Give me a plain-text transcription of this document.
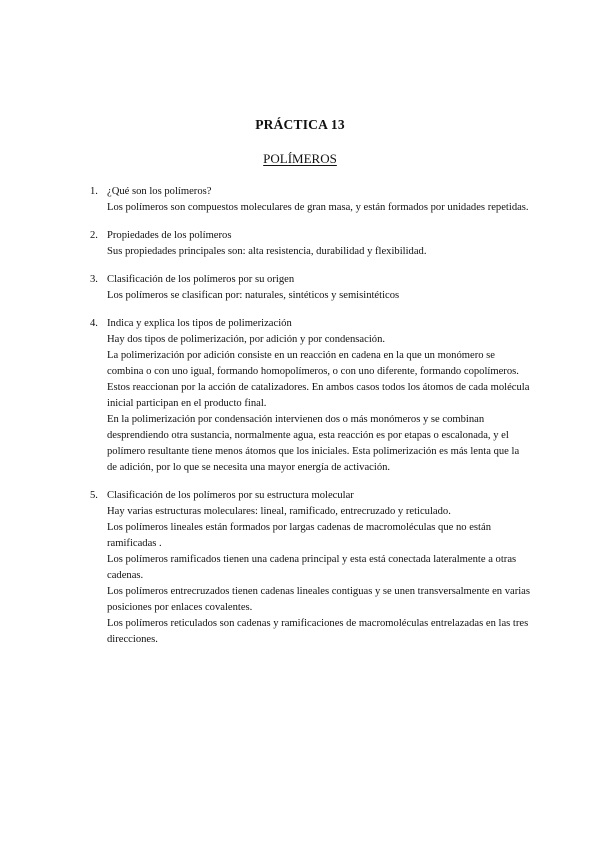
PRÁCTICA 13
POLÍMEROS
1. ¿Qué son los polímeros?

Los polímeros son compuestos moleculares de gran masa, y están formados por unidades repetidas.

2. Propiedades de los polímeros

Sus propiedades principales son: alta resistencia, durabilidad y flexibilidad.

3. Clasificación de los polímeros por su origen

Los polímeros se clasifican por: naturales, sintéticos y semisintéticos

4. Indica y explica los tipos de polimerización

Hay dos tipos de polimerización, por adición y por condensación.

La polimerización por adición consiste en un reacción en cadena en la que un monómero se combina o con uno igual, formando homopolímeros, o con uno diferente, formando copolímeros. Estos reaccionan por la acción de catalizadores. En ambos casos todos los átomos de cada molécula inicial participan en el producto final.

En la polimerización por condensación intervienen dos o más monómeros y se combinan desprendiendo otra sustancia, normalmente agua, esta reacción es por etapas o escalonada, y el polímero resultante tiene menos átomos que los iniciales. Esta polimerización es más lenta que la de adición, por lo que se necesita una mayor energía de activación.

5. Clasificación de los polímeros por su estructura molecular

Hay varias estructuras moleculares: lineal, ramificado, entrecruzado y reticulado.

Los polímeros lineales están formados por largas cadenas de macromoléculas que no están ramificadas .

Los polímeros ramificados tienen una cadena principal y esta está conectada lateralmente a otras cadenas.

Los polímeros entrecruzados tienen cadenas lineales contiguas y se unen transversalmente en varias posiciones por enlaces covalentes.

Los polímeros reticulados son cadenas y ramificaciones de macromoléculas entrelazadas en las tres direcciones.
